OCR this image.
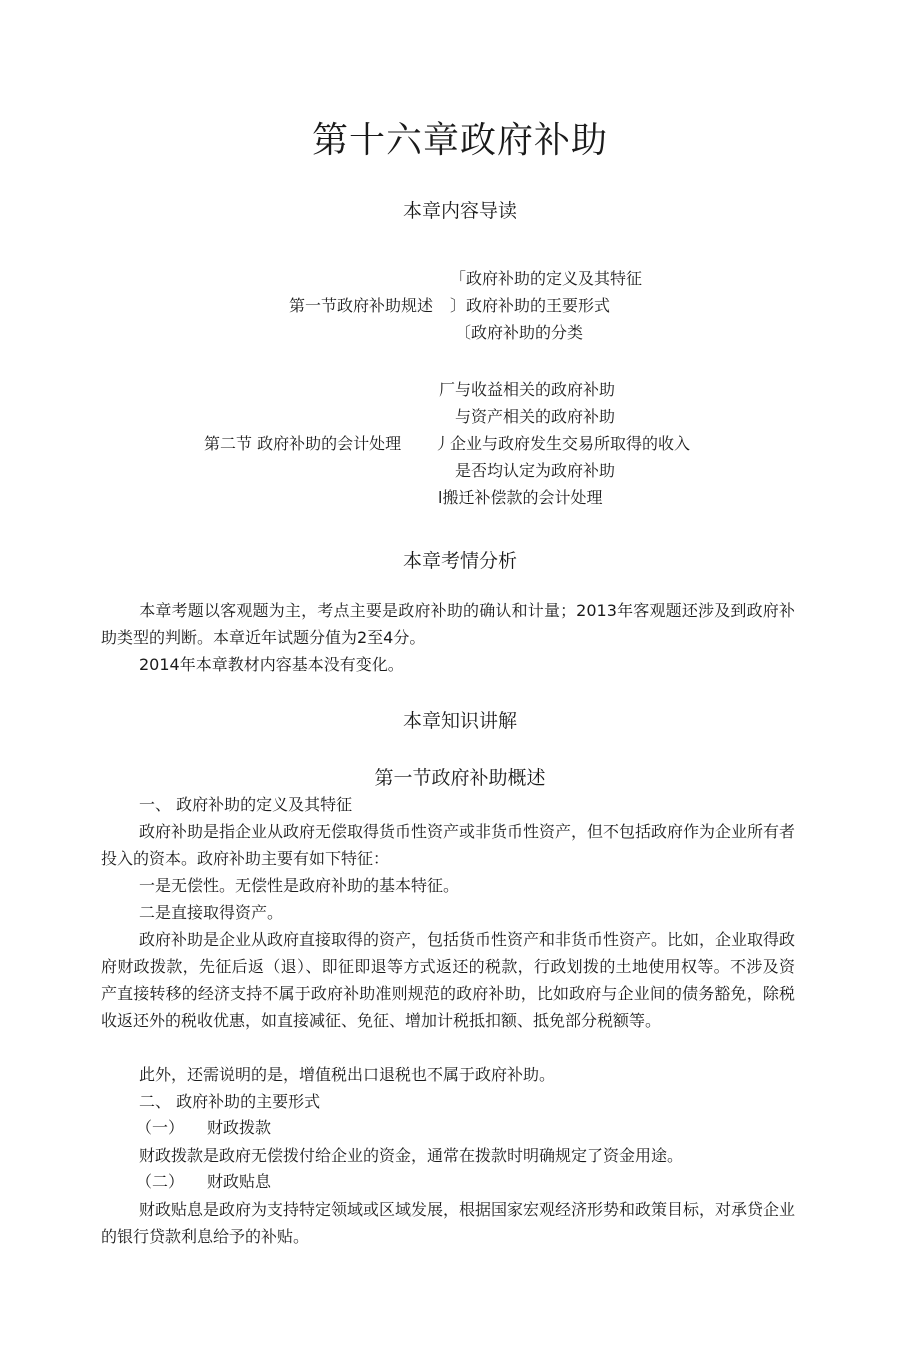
第十六章政府补助
本章内容导读
「政府补助的定义及其特征
第一节政府补助规述 〕政府补助的王要形式
〔政府补助的分类
厂与收益相关的政府补助
与资产相关的政府补助
第二节 政府补助的会计处理 丿企业与政府发生交易所取得的收入
是否均认定为政府补助
l搬迁补偿款的会计处理
本章考情分析
本章考题以客观题为主，考点主要是政府补助的确认和计量；2013年客观题还涉及到政府补助类型的判断。本章近年试题分值为2至4分。
2014年本章教材内容基本没有变化。
本章知识讲解
第一节政府补助概述
一、 政府补助的定义及其特征
政府补助是指企业从政府无偿取得货币性资产或非货币性资产，但不包括政府作为企业所有者投入的资本。政府补助主要有如下特征：
一是无偿性。无偿性是政府补助的基本特征。
二是直接取得资产。
政府补助是企业从政府直接取得的资产，包括货币性资产和非货币性资产。比如，企业取得政府财政拨款，先征后返（退）、即征即退等方式返还的税款，行政划拨的土地使用权等。不涉及资产直接转移的经济支持不属于政府补助准则规范的政府补助，比如政府与企业间的债务豁免，除税收返还外的税收优惠，如直接减征、免征、增加计税抵扣额、抵免部分税额等。
此外，还需说明的是，增值税出口退税也不属于政府补助。
二、 政府补助的主要形式
（一） 财政拨款
财政拨款是政府无偿拨付给企业的资金，通常在拨款时明确规定了资金用途。
（二） 财政贴息
财政贴息是政府为支持特定领域或区域发展，根据国家宏观经济形势和政策目标，对承贷企业的银行贷款利息给予的补贴。
